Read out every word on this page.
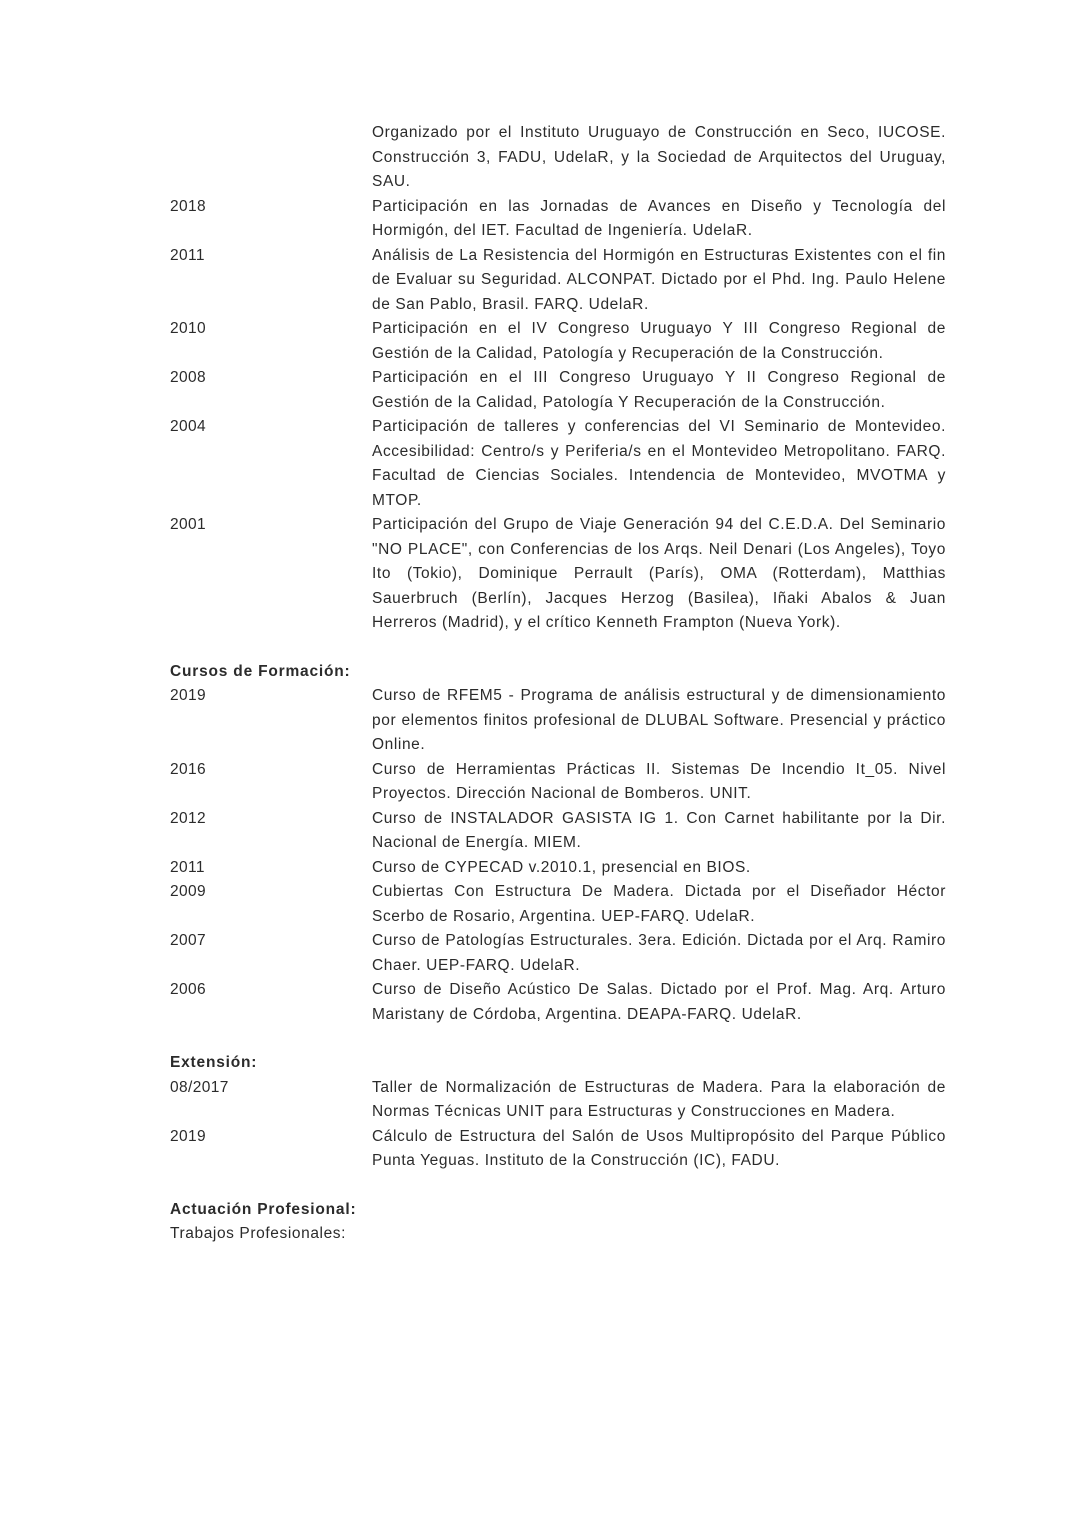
Organizado por el Instituto Uruguayo de Construcción en Seco, IUCOSE. Construcción 3, FADU, UdelaR, y la Sociedad de Arquitectos del Uruguay, SAU.
2018	Participación en las Jornadas de Avances en Diseño y Tecnología del Hormigón, del IET. Facultad de Ingeniería. UdelaR.
2011	Análisis de La Resistencia del Hormigón en Estructuras Existentes con el fin de Evaluar su Seguridad. ALCONPAT. Dictado por el Phd. Ing. Paulo Helene de San Pablo, Brasil. FARQ. UdelaR.
2010	Participación en el IV Congreso Uruguayo Y III Congreso Regional de Gestión de la Calidad, Patología y Recuperación de la Construcción.
2008	Participación en el III Congreso Uruguayo Y II Congreso Regional de Gestión de la Calidad, Patología Y Recuperación de la Construcción.
2004	Participación de talleres y conferencias del VI Seminario de Montevideo. Accesibilidad: Centro/s y Periferia/s en el Montevideo Metropolitano. FARQ. Facultad de Ciencias Sociales. Intendencia de Montevideo, MVOTMA y MTOP.
2001	Participación del Grupo de Viaje Generación 94 del C.E.D.A. Del Seminario "NO PLACE", con Conferencias de los Arqs. Neil Denari (Los Angeles), Toyo Ito (Tokio), Dominique Perrault (París), OMA (Rotterdam), Matthias Sauerbruch (Berlín), Jacques Herzog (Basilea), Iñaki Abalos & Juan Herreros (Madrid), y el crítico Kenneth Frampton (Nueva York).
Cursos de Formación:
2019	Curso de RFEM5 - Programa de análisis estructural y de dimensionamiento por elementos finitos profesional de DLUBAL Software. Presencial y práctico Online.
2016	Curso de Herramientas Prácticas II. Sistemas De Incendio It_05. Nivel Proyectos. Dirección Nacional de Bomberos. UNIT.
2012	Curso de INSTALADOR GASISTA IG 1. Con Carnet habilitante por la Dir. Nacional de Energía. MIEM.
2011	Curso de CYPECAD v.2010.1, presencial en BIOS.
2009	Cubiertas Con Estructura De Madera. Dictada por el Diseñador Héctor Scerbo de Rosario, Argentina. UEP-FARQ. UdelaR.
2007	Curso de Patologías Estructurales. 3era. Edición. Dictada por el Arq. Ramiro Chaer. UEP-FARQ. UdelaR.
2006	Curso de Diseño Acústico De Salas. Dictado por el Prof. Mag. Arq. Arturo Maristany de Córdoba, Argentina. DEAPA-FARQ. UdelaR.
Extensión:
08/2017	Taller de Normalización de Estructuras de Madera. Para la elaboración de Normas Técnicas UNIT para Estructuras y Construcciones en Madera.
2019	Cálculo de Estructura del Salón de Usos Multipropósito del Parque Público Punta Yeguas. Instituto de la Construcción (IC), FADU.
Actuación Profesional:
Trabajos Profesionales:
